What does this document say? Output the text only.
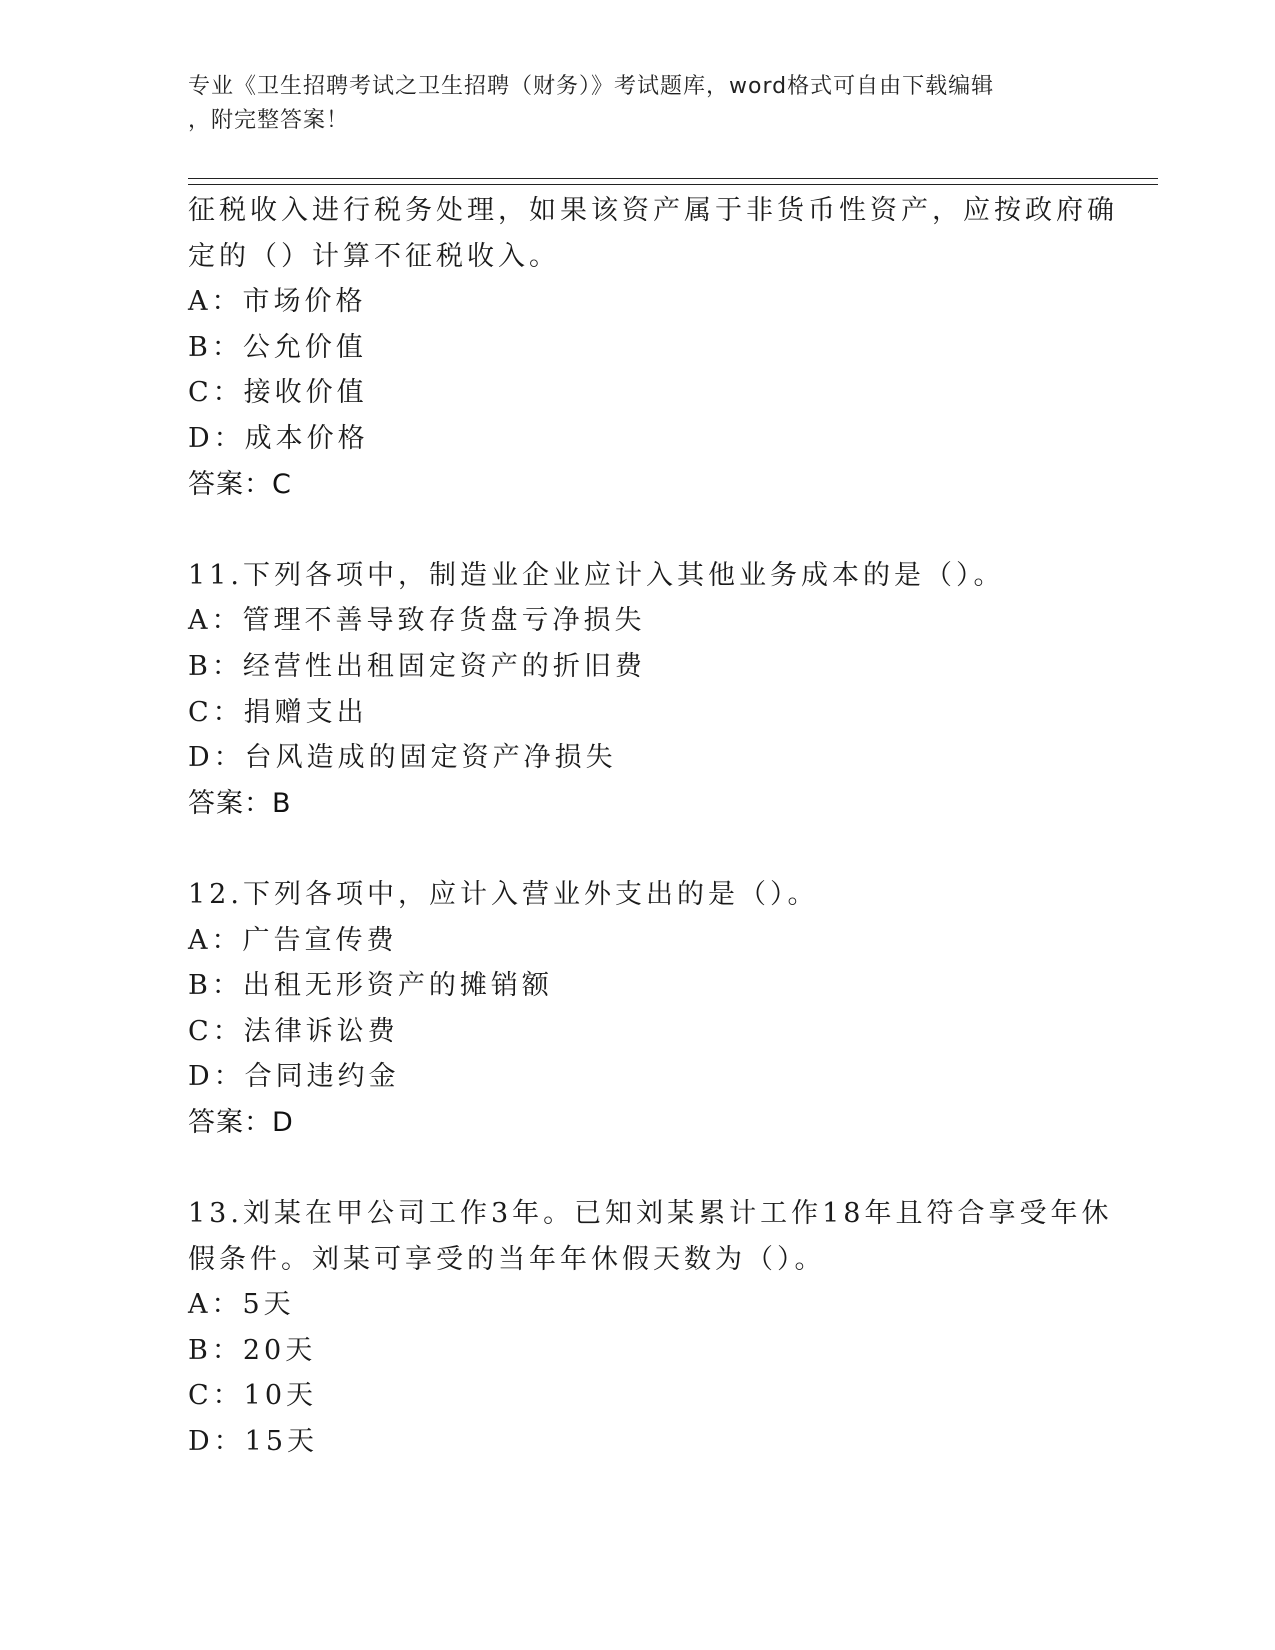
专业《卫生招聘考试之卫生招聘（财务）》考试题库，word格式可自由下载编辑
，附完整答案！
征税收入进行税务处理，如果该资产属于非货币性资产，应按政府确
定的（）计算不征税收入。
A：市场价格
B：公允价值
C：接收价值
D：成本价格
答案：C
11.下列各项中，制造业企业应计入其他业务成本的是（）。
A：管理不善导致存货盘亏净损失
B：经营性出租固定资产的折旧费
C：捐赠支出
D：台风造成的固定资产净损失
答案：B
12.下列各项中，应计入营业外支出的是（）。
A：广告宣传费
B：出租无形资产的摊销额
C：法律诉讼费
D：合同违约金
答案：D
13.刘某在甲公司工作3年。已知刘某累计工作18年且符合享受年休
假条件。刘某可享受的当年年休假天数为（）。
A：5天
B：20天
C：10天
D：15天
